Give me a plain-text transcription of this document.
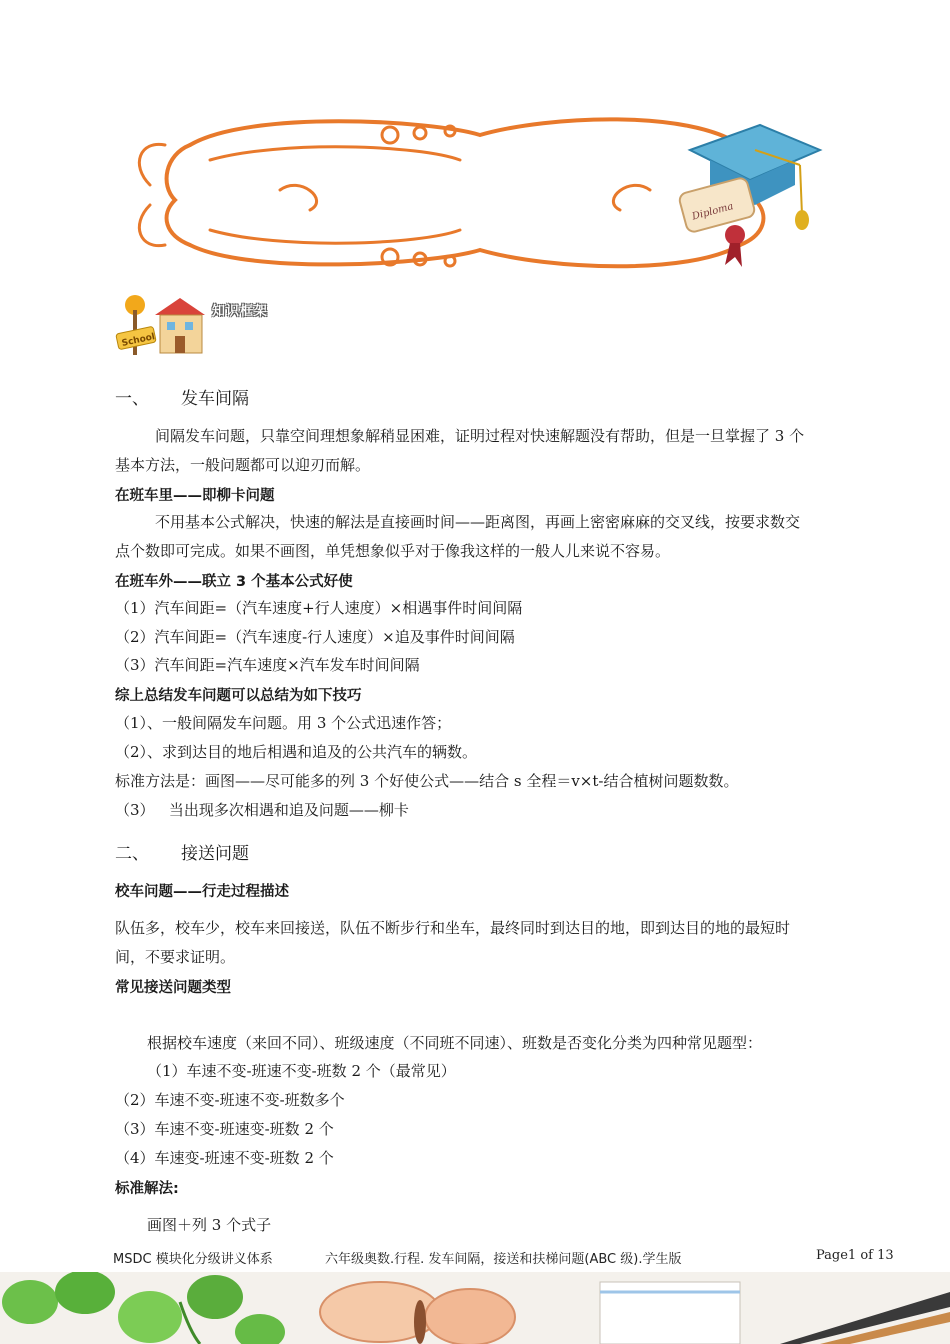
Diploma
School
知识框架
一、 发车间隔
间隔发车问题，只靠空间理想象解稍显困难，证明过程对快速解题没有帮助，但是一旦掌握了 3 个
基本方法，一般问题都可以迎刃而解。
在班车里——即柳卡问题
不用基本公式解决，快速的解法是直接画时间——距离图，再画上密密麻麻的交叉线，按要求数交
点个数即可完成。如果不画图，单凭想象似乎对于像我这样的一般人儿来说不容易。
在班车外——联立 3 个基本公式好使
（1）汽车间距=（汽车速度+行人速度）×相遇事件时间间隔
（2）汽车间距=（汽车速度-行人速度）×追及事件时间间隔
（3）汽车间距=汽车速度×汽车发车时间间隔
综上总结发车问题可以总结为如下技巧
（1）、一般间隔发车问题。用 3 个公式迅速作答；
（2）、求到达目的地后相遇和追及的公共汽车的辆数。
标准方法是：画图——尽可能多的列 3 个好使公式——结合 s 全程＝v×t-结合植树问题数数。
（3）   当出现多次相遇和追及问题——柳卡
二、 接送问题
校车问题——行走过程描述
队伍多，校车少，校车来回接送，队伍不断步行和坐车，最终同时到达目的地，即到达目的地的最短时
间，不要求证明。
常见接送问题类型
根据校车速度（来回不同）、班级速度（不同班不同速）、班数是否变化分类为四种常见题型：
（1）车速不变-班速不变-班数 2 个（最常见）
（2）车速不变-班速不变-班数多个
（3）车速不变-班速变-班数 2 个
（4）车速变-班速不变-班数 2 个
标准解法:
画图＋列 3 个式子
MSDC 模块化分级讲义体系	六年级奥数.行程. 发车间隔，接送和扶梯问题(ABC 级).学生版	Page1 of 13
